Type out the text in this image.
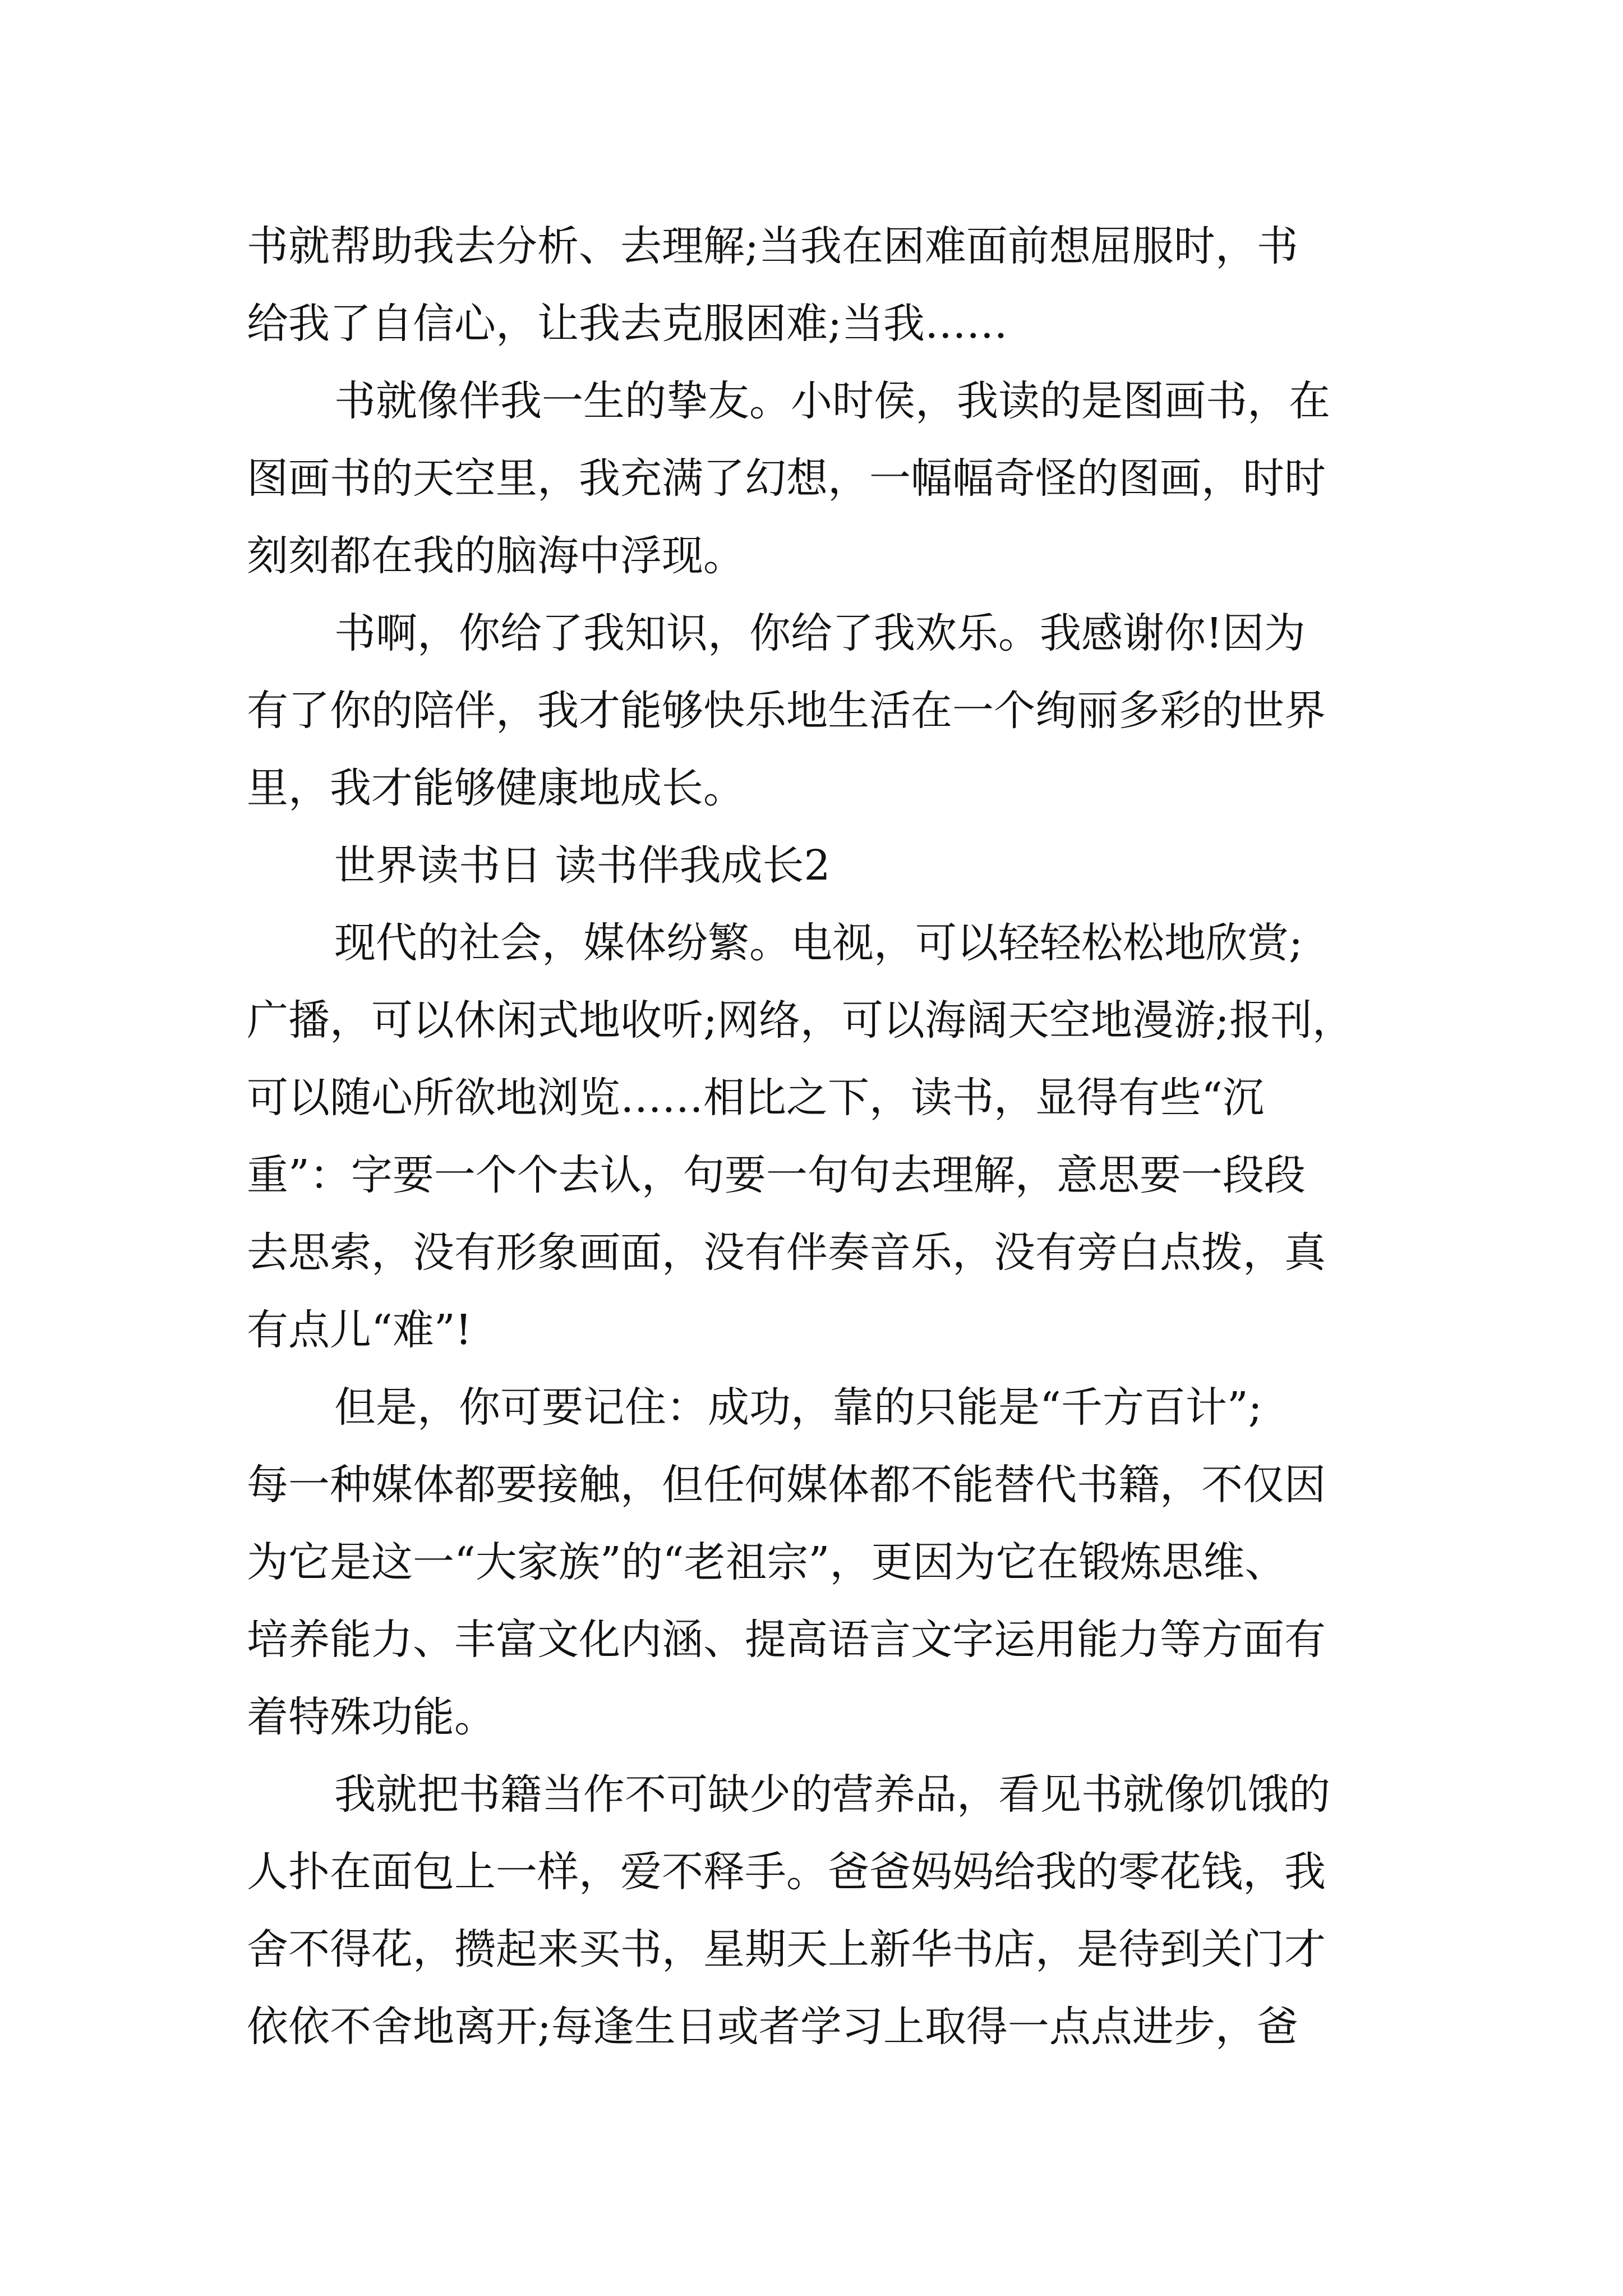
书就帮助我去分析、去理解;当我在困难面前想屈服时，书
给我了自信心，让我去克服困难;当我……
书就像伴我一生的挚友。小时侯，我读的是图画书，在
图画书的天空里，我充满了幻想，一幅幅奇怪的图画，时时
刻刻都在我的脑海中浮现。
书啊，你给了我知识，你给了我欢乐。我感谢你!因为
有了你的陪伴，我才能够快乐地生活在一个绚丽多彩的世界
里，我才能够健康地成长。
世界读书日 读书伴我成长2
现代的社会，媒体纷繁。电视，可以轻轻松松地欣赏;
广播，可以休闲式地收听;网络，可以海阔天空地漫游;报刊，
可以随心所欲地浏览……相比之下，读书，显得有些“沉
重”：字要一个个去认，句要一句句去理解，意思要一段段
去思索，没有形象画面，没有伴奏音乐，没有旁白点拨，真
有点儿“难”!
但是，你可要记住：成功，靠的只能是“千方百计”;
每一种媒体都要接触，但任何媒体都不能替代书籍，不仅因
为它是这一“大家族”的“老祖宗”，更因为它在锻炼思维、
培养能力、丰富文化内涵、提高语言文字运用能力等方面有
着特殊功能。
我就把书籍当作不可缺少的营养品，看见书就像饥饿的
人扑在面包上一样，爱不释手。爸爸妈妈给我的零花钱，我
舍不得花，攒起来买书，星期天上新华书店，是待到关门才
依依不舍地离开;每逢生日或者学习上取得一点点进步，爸
